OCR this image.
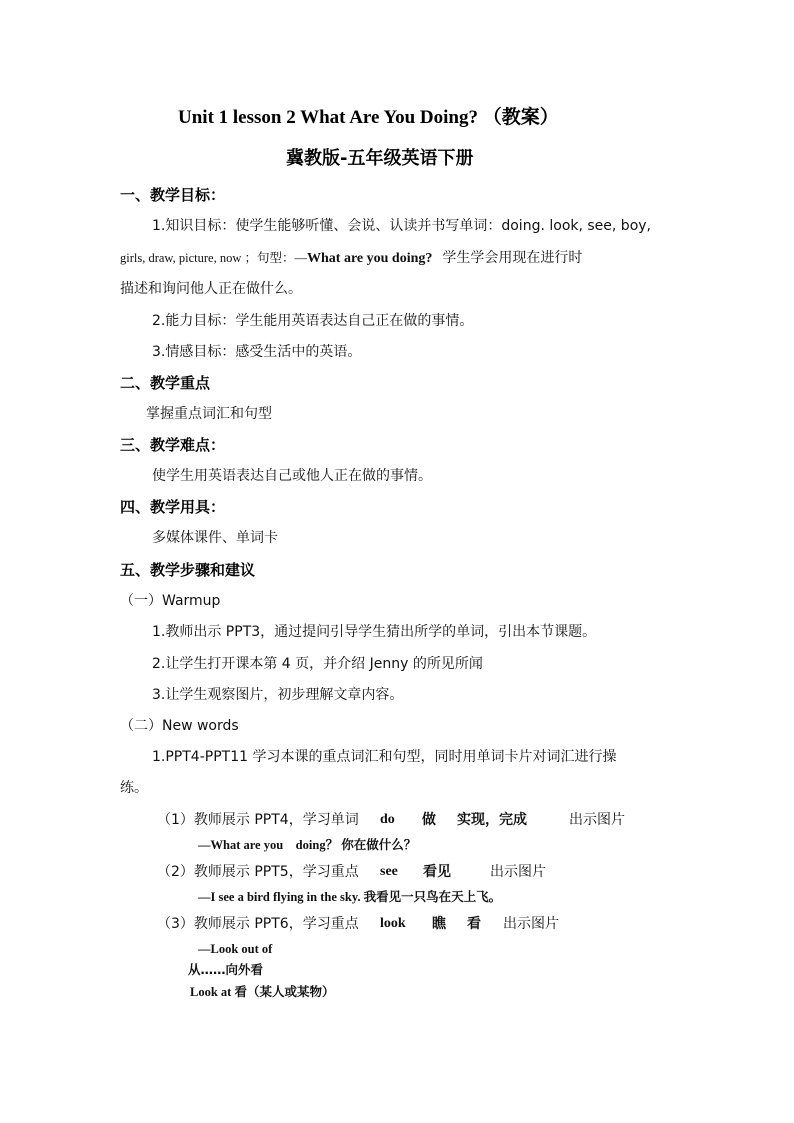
Unit 1 lesson 2 What Are You Doing? （教案）
冀教版-五年级英语下册
一、教学目标：
1.知识目标：使学生能够听懂、会说、认读并书写单词：doing. look, see, boy,
girls, draw, picture, now ；句型：—What are you doing? 学生学会用现在进行时
描述和询问他人正在做什么。
2.能力目标：学生能用英语表达自己正在做的事情。
3.情感目标：感受生活中的英语。
二、教学重点
掌握重点词汇和句型
三、教学难点：
使学生用英语表达自己或他人正在做的事情。
四、教学用具：
多媒体课件、单词卡
五、教学步骤和建议
（一）Warmup
1.教师出示 PPT3，通过提问引导学生猜出所学的单词，引出本节课题。
2.让学生打开课本第 4 页，并介绍 Jenny 的所见所闻
3.让学生观察图片，初步理解文章内容。
（二）New words
1.PPT4-PPT11 学习本课的重点词汇和句型，同时用单词卡片对词汇进行操
练。
（1）教师展示 PPT4，学习单词 do 做 实现，完成	出示图片
—What are you　doing？ 你在做什么？
（2）教师展示 PPT5，学习重点 see 看见	出示图片
—I see a bird flying in the sky. 我看见一只鸟在天上飞。
（3）教师展示 PPT6，学习重点 look 瞧 看 出示图片
—Look out of
从……向外看
Look at 看（某人或某物）
